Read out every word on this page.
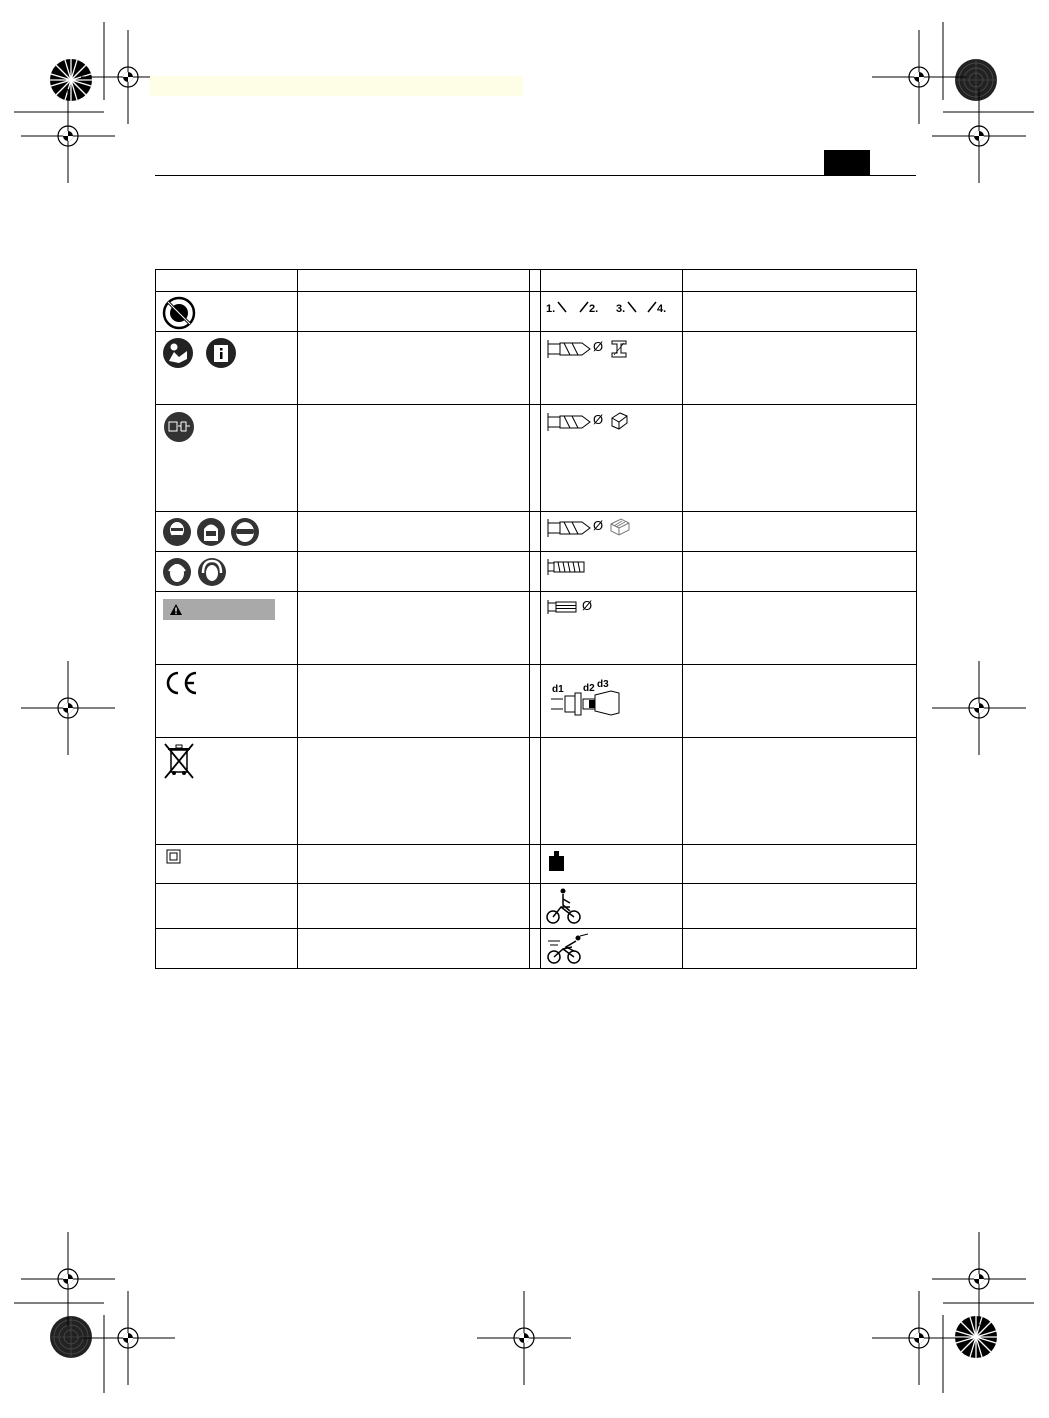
1. 2. 3. 4.	

Ø	

Ø	

Ø	

Ø	

d1 d2 d3	
